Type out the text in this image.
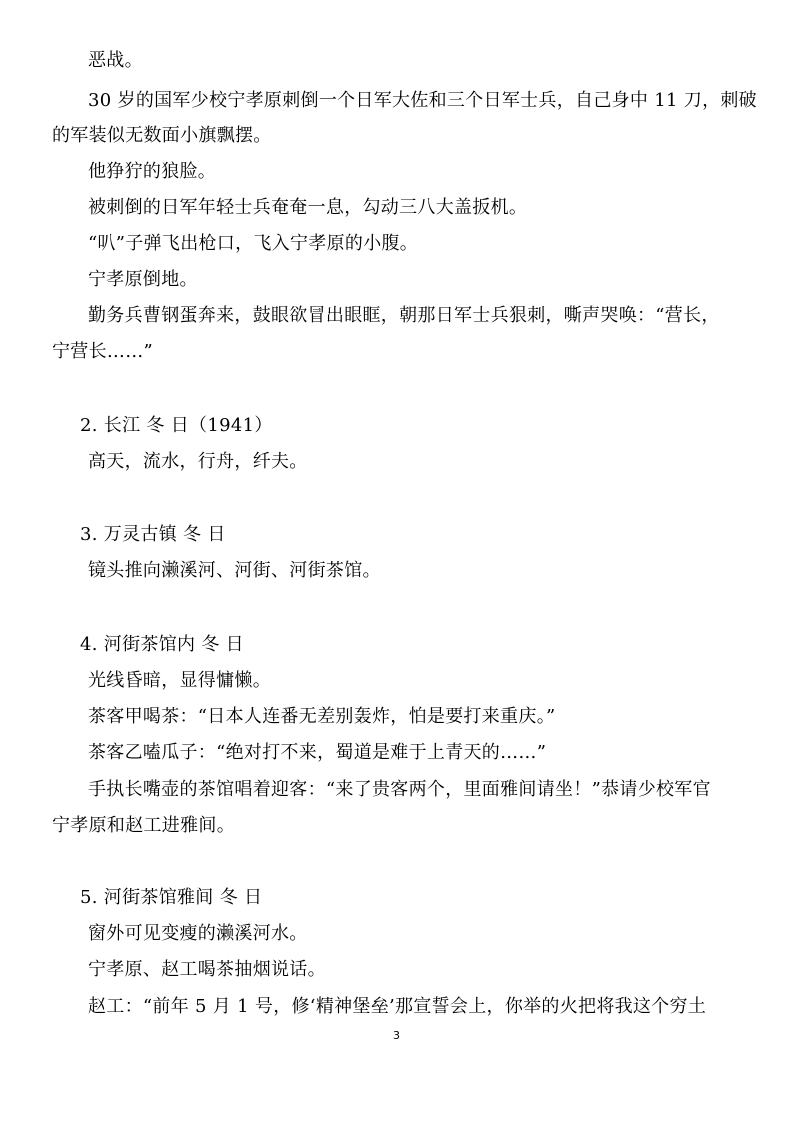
恶战。
30 岁的国军少校宁孝原刺倒一个日军大佐和三个日军士兵，自己身中 11 刀，刺破
的军装似无数面小旗飘摆。
他狰狞的狼脸。
被刺倒的日军年轻士兵奄奄一息，勾动三八大盖扳机。
“叭”子弹飞出枪口，飞入宁孝原的小腹。
宁孝原倒地。
勤务兵曹钢蛋奔来，鼓眼欲冒出眼眶，朝那日军士兵狠刺，嘶声哭唤：“营长，
宁营长……”
2. 长江 冬 日（1941）
高天，流水，行舟，纤夫。
3. 万灵古镇 冬 日
镜头推向濑溪河、河街、河街茶馆。
4. 河街茶馆内 冬 日
光线昏暗，显得慵懒。
茶客甲喝茶：“日本人连番无差别轰炸，怕是要打来重庆。”
茶客乙嗑瓜子：“绝对打不来，蜀道是难于上青天的……”
手执长嘴壶的茶馆唱着迎客：“来了贵客两个，里面雅间请坐！”恭请少校军官
宁孝原和赵工进雅间。
5. 河街茶馆雅间 冬 日
窗外可见变瘦的濑溪河水。
宁孝原、赵工喝茶抽烟说话。
赵工：“前年 5 月 1 号，修‘精神堡垒’那宣誓会上，你举的火把将我这个穷土
3
